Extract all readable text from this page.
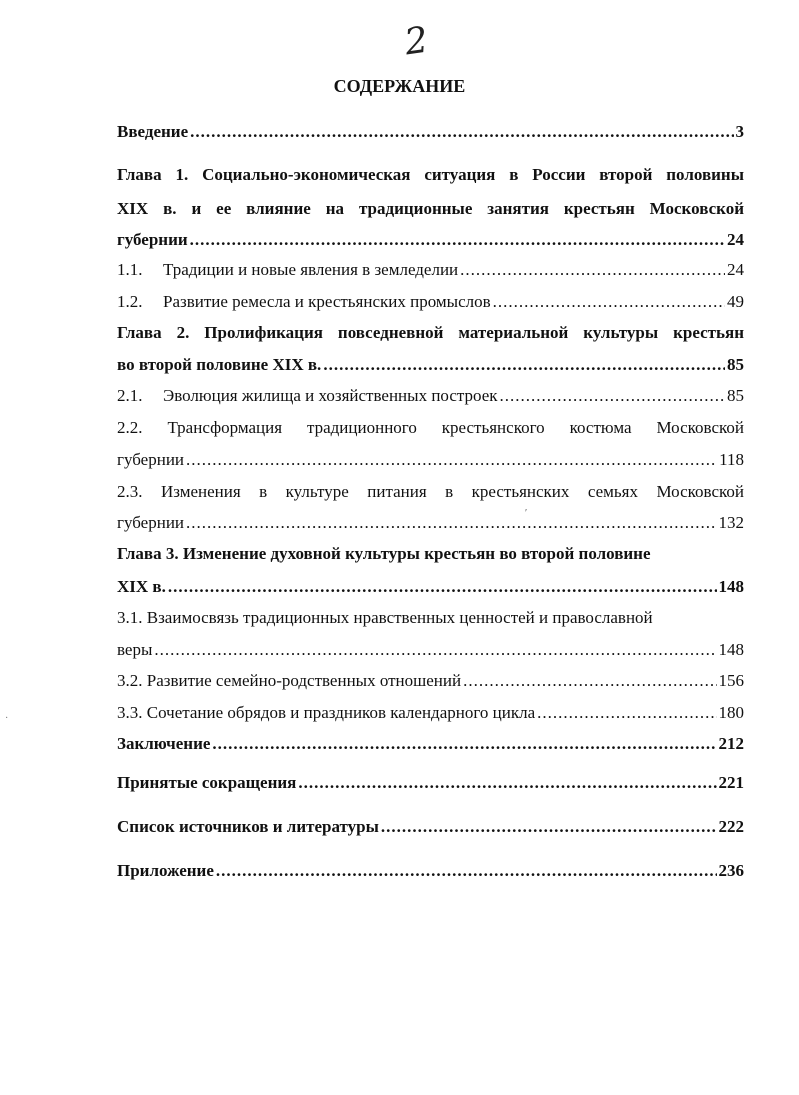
2
СОДЕРЖАНИЕ
Введение .....	3
Глава 1. Социально-экономическая ситуация в России второй половины
XIX в. и ее влияние на традиционные занятия крестьян Московской
губернии .....	24
1.1. Традиции и новые явления в земледелии .....	24
1.2. Развитие ремесла и крестьянских промыслов .....	49
Глава 2. Пролификация повседневной материальной культуры крестьян
во второй половине XIX в. .....	85
2.1. Эволюция жилища и хозяйственных построек .....	85
2.2. Трансформация традиционного крестьянского костюма Московской
губернии .....	118
2.3. Изменения в культуре питания в крестьянских семьях Московской
губернии .....	132
Глава 3. Изменение духовной культуры крестьян во второй половине
XIX в. .....	148
3.1. Взаимосвязь традиционных нравственных ценностей и православной
веры .....	148
3.2. Развитие семейно-родственных отношений .....	156
3.3. Сочетание обрядов и праздников календарного цикла .....	180
Заключение .....	212
Принятые сокращения .....	221
Список источников и литературы .....	222
Приложение .....	236
′
·
